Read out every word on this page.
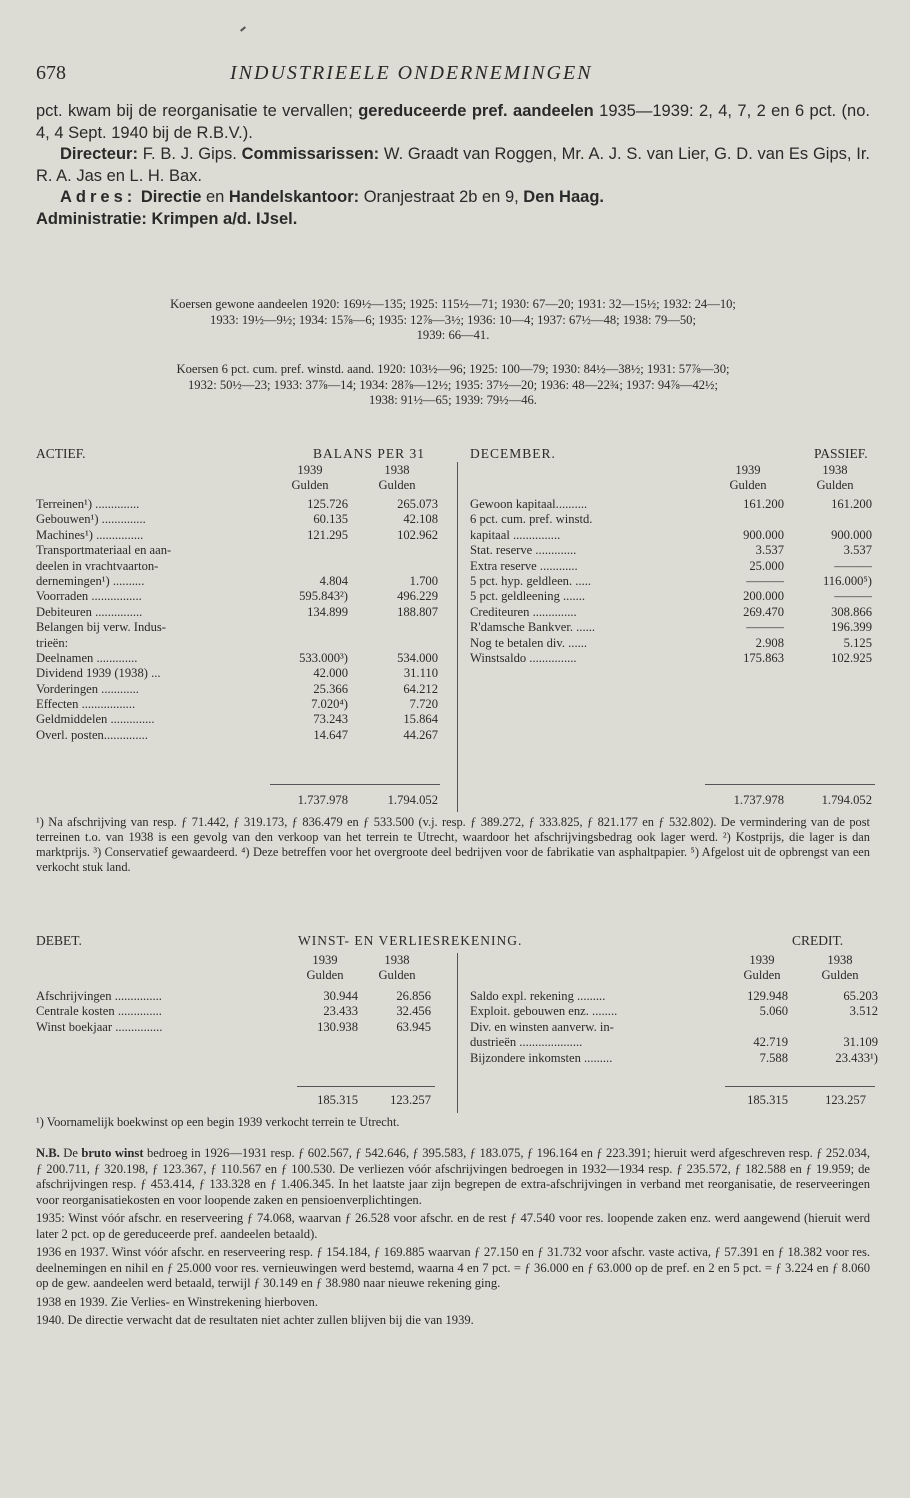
678	INDUSTRIEELE ONDERNEMINGEN

pct. kwam bij de reorganisatie te vervallen; gereduceerde pref. aandeelen 1935—1939: 2, 4, 7, 2 en 6 pct. (no. 4, 4 Sept. 1940 bij de R.B.V.).

Directeur: F. B. J. Gips. Commissarissen: W. Graadt van Roggen, Mr. A. J. S. van Lier, G. D. van Es Gips, Ir. R. A. Jas en L. H. Bax.

Adres: Directie en Handelskantoor: Oranjestraat 2b en 9, Den Haag.

Administratie: Krimpen a/d. IJsel.

Koersen gewone aandeelen 1920: 169½—135; 1925: 115½—71; 1930: 67—20; 1931: 32—15½; 1932: 24—10;

1933: 19½—9½; 1934: 15⅞—6; 1935: 12⅞—3½; 1936: 10—4; 1937: 67½—48; 1938: 79—50;

1939: 66—41.

Koersen 6 pct. cum. pref. winstd. aand. 1920: 103½—96; 1925: 100—79; 1930: 84½—38½; 1931: 57⅞—30;

1932: 50½—23; 1933: 37⅞—14; 1934: 28⅞—12½; 1935: 37½—20; 1936: 48—22¾; 1937: 94⅞—42½;

1938: 91½—65; 1939: 79½—46.

ACTIEF.	BALANS PER 31	DECEMBER.	PASSIEF.
1939
Gulden
1938
Gulden
1939
Gulden
1938
Gulden
Terreinen¹) ..............	125.726	265.073
Gebouwen¹) ..............	60.135	42.108
Machines¹) ...............	121.295	102.962
Transportmateriaal en aan-
deelen in vrachtvaarton-
dernemingen¹) ..........	4.804	1.700
Voorraden ................	595.843²)	496.229
Debiteuren ...............	134.899	188.807
Belangen bij verw. Indus-
trieën:
Deelnamen .............	533.000³)	534.000
Dividend 1939 (1938) ...	42.000	31.110
Vorderingen ............	25.366	64.212
Effecten .................	7.020⁴)	7.720
Geldmiddelen ..............	73.243	15.864
Overl. posten..............	14.647	44.267
Gewoon kapitaal..........	161.200	161.200
6 pct. cum. pref. winstd.
kapitaal ...............	900.000	900.000
Stat. reserve .............	3.537	3.537
Extra reserve ............	25.000	———
5 pct. hyp. geldleen. .....	———	116.000⁵)
5 pct. geldleening .......	200.000	———
Crediteuren ..............	269.470	308.866
R'damsche Bankver. ......	———	196.399
Nog te betalen div. ......	2.908	5.125
Winstsaldo ...............	175.863	102.925
1.737.978	1.794.052	1.737.978	1.794.052

¹) Na afschrijving van resp. ƒ 71.442, ƒ 319.173, ƒ 836.479 en ƒ 533.500 (v.j. resp. ƒ 389.272, ƒ 333.825, ƒ 821.177 en ƒ 532.802). De vermindering van de post terreinen t.o. van 1938 is een gevolg van den verkoop van het terrein te Utrecht, waardoor het afschrijvingsbedrag ook lager werd. ²) Kostprijs, die lager is dan marktprijs. ³) Conservatief gewaardeerd. ⁴) Deze betreffen voor het overgroote deel bedrijven voor de fabrikatie van asphaltpapier. ⁵) Afgelost uit de opbrengst van een verkocht stuk land.

DEBET.	WINST- EN VERLIESREKENING.	CREDIT.
1939
Gulden
1938
Gulden
1939
Gulden
1938
Gulden
Afschrijvingen ...............	30.944	26.856
Centrale kosten ..............	23.433	32.456
Winst boekjaar ...............	130.938	63.945
Saldo expl. rekening .........	129.948	65.203
Exploit. gebouwen enz. ........	5.060	3.512
Div. en winsten aanverw. in-
dustrieën ....................	42.719	31.109
Bijzondere inkomsten .........	7.588	23.433¹)
185.315	123.257	185.315	123.257

¹) Voornamelijk boekwinst op een begin 1939 verkocht terrein te Utrecht.

N.B. De bruto winst bedroeg in 1926—1931 resp. ƒ 602.567, ƒ 542.646, ƒ 395.583, ƒ 183.075, ƒ 196.164 en ƒ 223.391; hieruit werd afgeschreven resp. ƒ 252.034, ƒ 200.711, ƒ 320.198, ƒ 123.367, ƒ 110.567 en ƒ 100.530. De verliezen vóór afschrijvingen bedroegen in 1932—1934 resp. ƒ 235.572, ƒ 182.588 en ƒ 19.959; de afschrijvingen resp. ƒ 453.414, ƒ 133.328 en ƒ 1.406.345. In het laatste jaar zijn begrepen de extra-afschrijvingen in verband met reorganisatie, de reserveeringen voor reorganisatiekosten en voor loopende zaken en pensioenverplichtingen.

1935: Winst vóór afschr. en reserveering ƒ 74.068, waarvan ƒ 26.528 voor afschr. en de rest ƒ 47.540 voor res. loopende zaken enz. werd aangewend (hieruit werd later 2 pct. op de gereduceerde pref. aandeelen betaald).

1936 en 1937. Winst vóór afschr. en reserveering resp. ƒ 154.184, ƒ 169.885 waarvan ƒ 27.150 en ƒ 31.732 voor afschr. vaste activa, ƒ 57.391 en ƒ 18.382 voor res. deelnemingen en nihil en ƒ 25.000 voor res. vernieuwingen werd bestemd, waarna 4 en 7 pct. = ƒ 36.000 en ƒ 63.000 op de pref. en 2 en 5 pct. = ƒ 3.224 en ƒ 8.060 op de gew. aandeelen werd betaald, terwijl ƒ 30.149 en ƒ 38.980 naar nieuwe rekening ging.

1938 en 1939. Zie Verlies- en Winstrekening hierboven.

1940. De directie verwacht dat de resultaten niet achter zullen blijven bij die van 1939.
